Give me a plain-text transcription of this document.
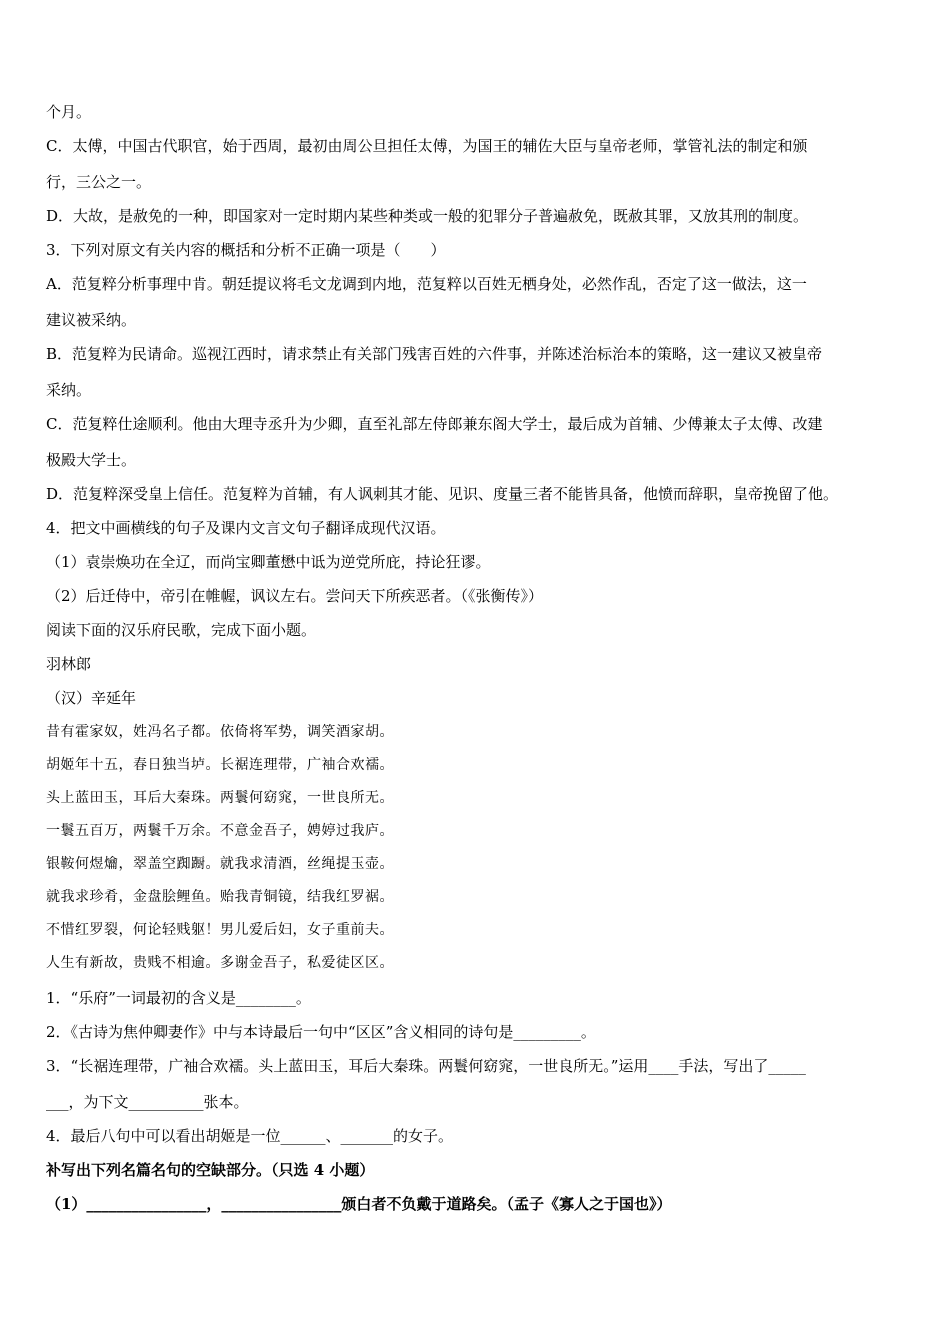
个月。
C．太傅，中国古代职官，始于西周，最初由周公旦担任太傅，为国王的辅佐大臣与皇帝老师，掌管礼法的制定和颁
行，三公之一。
D．大故，是赦免的一种，即国家对一定时期内某些种类或一般的犯罪分子普遍赦免，既赦其罪，又放其刑的制度。
3．下列对原文有关内容的概括和分析不正确一项是（　　）
A．范复粹分析事理中肯。朝廷提议将毛文龙调到内地，范复粹以百姓无栖身处，必然作乱，否定了这一做法，这一
建议被采纳。
B．范复粹为民请命。巡视江西时，请求禁止有关部门残害百姓的六件事，并陈述治标治本的策略，这一建议又被皇帝
采纳。
C．范复粹仕途顺利。他由大理寺丞升为少卿，直至礼部左侍郎兼东阁大学士，最后成为首辅、少傅兼太子太傅、改建
极殿大学士。
D．范复粹深受皇上信任。范复粹为首辅，有人讽刺其才能、见识、度量三者不能皆具备，他愤而辞职，皇帝挽留了他。
4．把文中画横线的句子及课内文言文句子翻译成现代汉语。
（1）袁崇焕功在全辽，而尚宝卿董懋中诋为逆党所庇，持论狂谬。
（2）后迁侍中，帝引在帷幄，讽议左右。尝问天下所疾恶者。（《张衡传》）
阅读下面的汉乐府民歌，完成下面小题。
羽林郎
（汉）辛延年
昔有霍家奴，姓冯名子都。依倚将军势，调笑酒家胡。
胡姬年十五，春日独当垆。长裾连理带，广袖合欢襦。
头上蓝田玉，耳后大秦珠。两鬟何窈窕，一世良所无。
一鬟五百万，两鬟千万余。不意金吾子，娉婷过我庐。
银鞍何煜爚，翠盖空踟蹰。就我求清酒，丝绳提玉壶。
就我求珍肴，金盘脍鲤鱼。贻我青铜镜，结我红罗裾。
不惜红罗裂，何论轻贱躯！男儿爱后妇，女子重前夫。
人生有新故，贵贱不相逾。多谢金吾子，私爱徒区区。
1．“乐府”一词最初的含义是________。
2．《古诗为焦仲卿妻作》中与本诗最后一句中“区区”含义相同的诗句是_________。
3．“长裾连理带，广袖合欢襦。头上蓝田玉，耳后大秦珠。两鬟何窈窕，一世良所无。”运用____手法，写出了_____
___，为下文__________张本。
4．最后八句中可以看出胡姬是一位______、_______的女子。
补写出下列名篇名句的空缺部分。（只选 4 小题）
（1）________________，________________颁白者不负戴于道路矣。（孟子《寡人之于国也》）
